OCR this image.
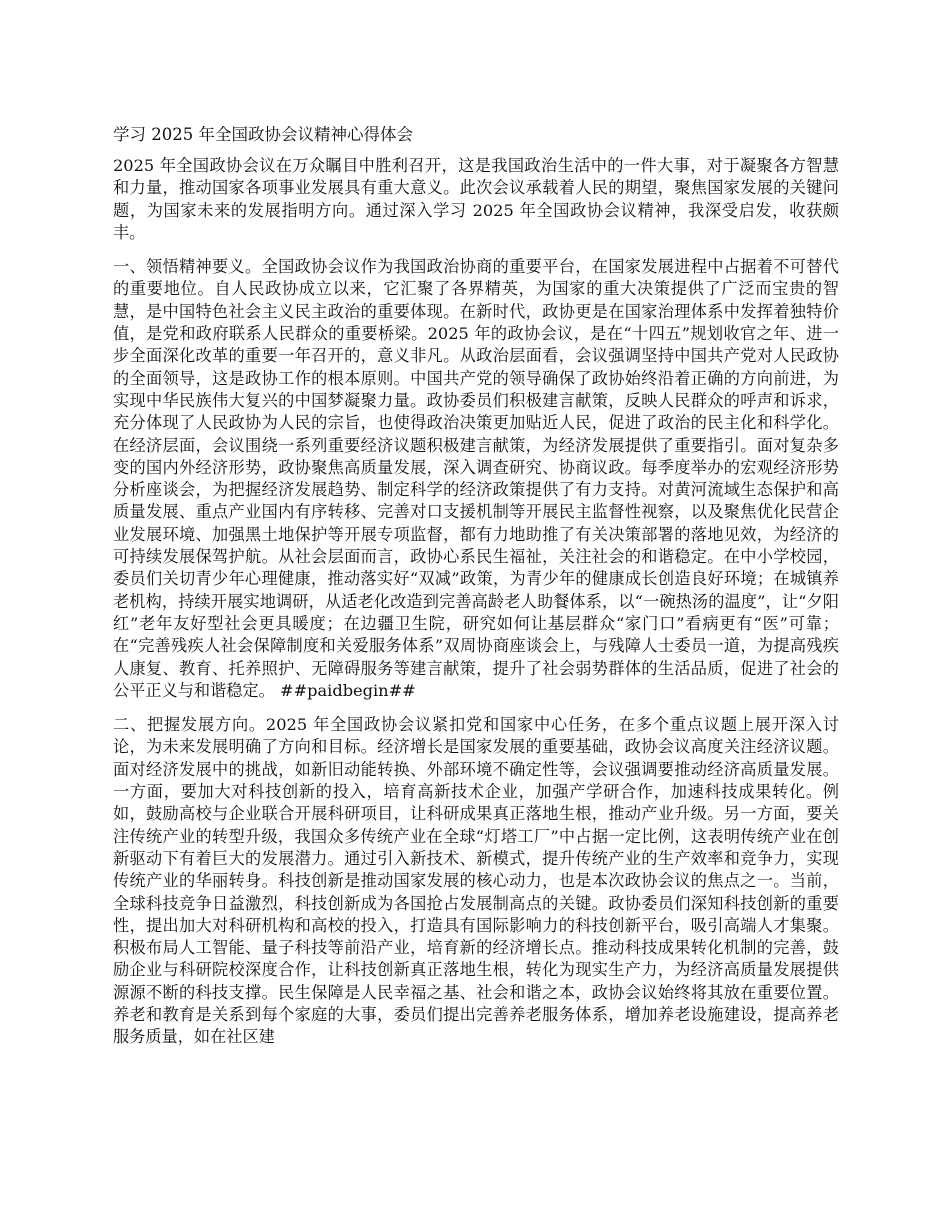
学习 2025 年全国政协会议精神心得体会

2025 年全国政协会议在万众瞩目中胜利召开，这是我国政治生活中的一件大事，对于凝聚各方智慧和力量，推动国家各项事业发展具有重大意义。此次会议承载着人民的期望，聚焦国家发展的关键问题，为国家未来的发展指明方向。通过深入学习 2025 年全国政协会议精神，我深受启发，收获颇丰。

一、领悟精神要义。全国政协会议作为我国政治协商的重要平台，在国家发展进程中占据着不可替代的重要地位。自人民政协成立以来，它汇聚了各界精英，为国家的重大决策提供了广泛而宝贵的智慧，是中国特色社会主义民主政治的重要体现。在新时代，政协更是在国家治理体系中发挥着独特价值，是党和政府联系人民群众的重要桥梁。2025 年的政协会议，是在“十四五”规划收官之年、进一步全面深化改革的重要一年召开的，意义非凡。从政治层面看，会议强调坚持中国共产党对人民政协的全面领导，这是政协工作的根本原则。中国共产党的领导确保了政协始终沿着正确的方向前进，为实现中华民族伟大复兴的中国梦凝聚力量。政协委员们积极建言献策，反映人民群众的呼声和诉求，充分体现了人民政协为人民的宗旨，也使得政治决策更加贴近人民，促进了政治的民主化和科学化。在经济层面，会议围绕一系列重要经济议题积极建言献策，为经济发展提供了重要指引。面对复杂多变的国内外经济形势，政协聚焦高质量发展，深入调查研究、协商议政。每季度举办的宏观经济形势分析座谈会，为把握经济发展趋势、制定科学的经济政策提供了有力支持。对黄河流域生态保护和高质量发展、重点产业国内有序转移、完善对口支援机制等开展民主监督性视察，以及聚焦优化民营企业发展环境、加强黑土地保护等开展专项监督，都有力地助推了有关决策部署的落地见效，为经济的可持续发展保驾护航。从社会层面而言，政协心系民生福祉，关注社会的和谐稳定。在中小学校园，委员们关切青少年心理健康，推动落实好“双减”政策，为青少年的健康成长创造良好环境；在城镇养老机构，持续开展实地调研，从适老化改造到完善高龄老人助餐体系，以“一碗热汤的温度”，让“夕阳红”老年友好型社会更具暖度；在边疆卫生院，研究如何让基层群众“家门口”看病更有“医”可靠；在“完善残疾人社会保障制度和关爱服务体系”双周协商座谈会上，与残障人士委员一道，为提高残疾人康复、教育、托养照护、无障碍服务等建言献策，提升了社会弱势群体的生活品质，促进了社会的公平正义与和谐稳定。 ##paidbegin##

二、把握发展方向。2025 年全国政协会议紧扣党和国家中心任务，在多个重点议题上展开深入讨论，为未来发展明确了方向和目标。经济增长是国家发展的重要基础，政协会议高度关注经济议题。面对经济发展中的挑战，如新旧动能转换、外部环境不确定性等，会议强调要推动经济高质量发展。一方面，要加大对科技创新的投入，培育高新技术企业，加强产学研合作，加速科技成果转化。例如，鼓励高校与企业联合开展科研项目，让科研成果真正落地生根，推动产业升级。另一方面，要关注传统产业的转型升级，我国众多传统产业在全球“灯塔工厂”中占据一定比例，这表明传统产业在创新驱动下有着巨大的发展潜力。通过引入新技术、新模式，提升传统产业的生产效率和竞争力，实现传统产业的华丽转身。科技创新是推动国家发展的核心动力，也是本次政协会议的焦点之一。当前，全球科技竞争日益激烈，科技创新成为各国抢占发展制高点的关键。政协委员们深知科技创新的重要性，提出加大对科研机构和高校的投入，打造具有国际影响力的科技创新平台，吸引高端人才集聚。积极布局人工智能、量子科技等前沿产业，培育新的经济增长点。推动科技成果转化机制的完善，鼓励企业与科研院校深度合作，让科技创新真正落地生根，转化为现实生产力，为经济高质量发展提供源源不断的科技支撑。民生保障是人民幸福之基、社会和谐之本，政协会议始终将其放在重要位置。养老和教育是关系到每个家庭的大事，委员们提出完善养老服务体系，增加养老设施建设，提高养老服务质量，如在社区建
